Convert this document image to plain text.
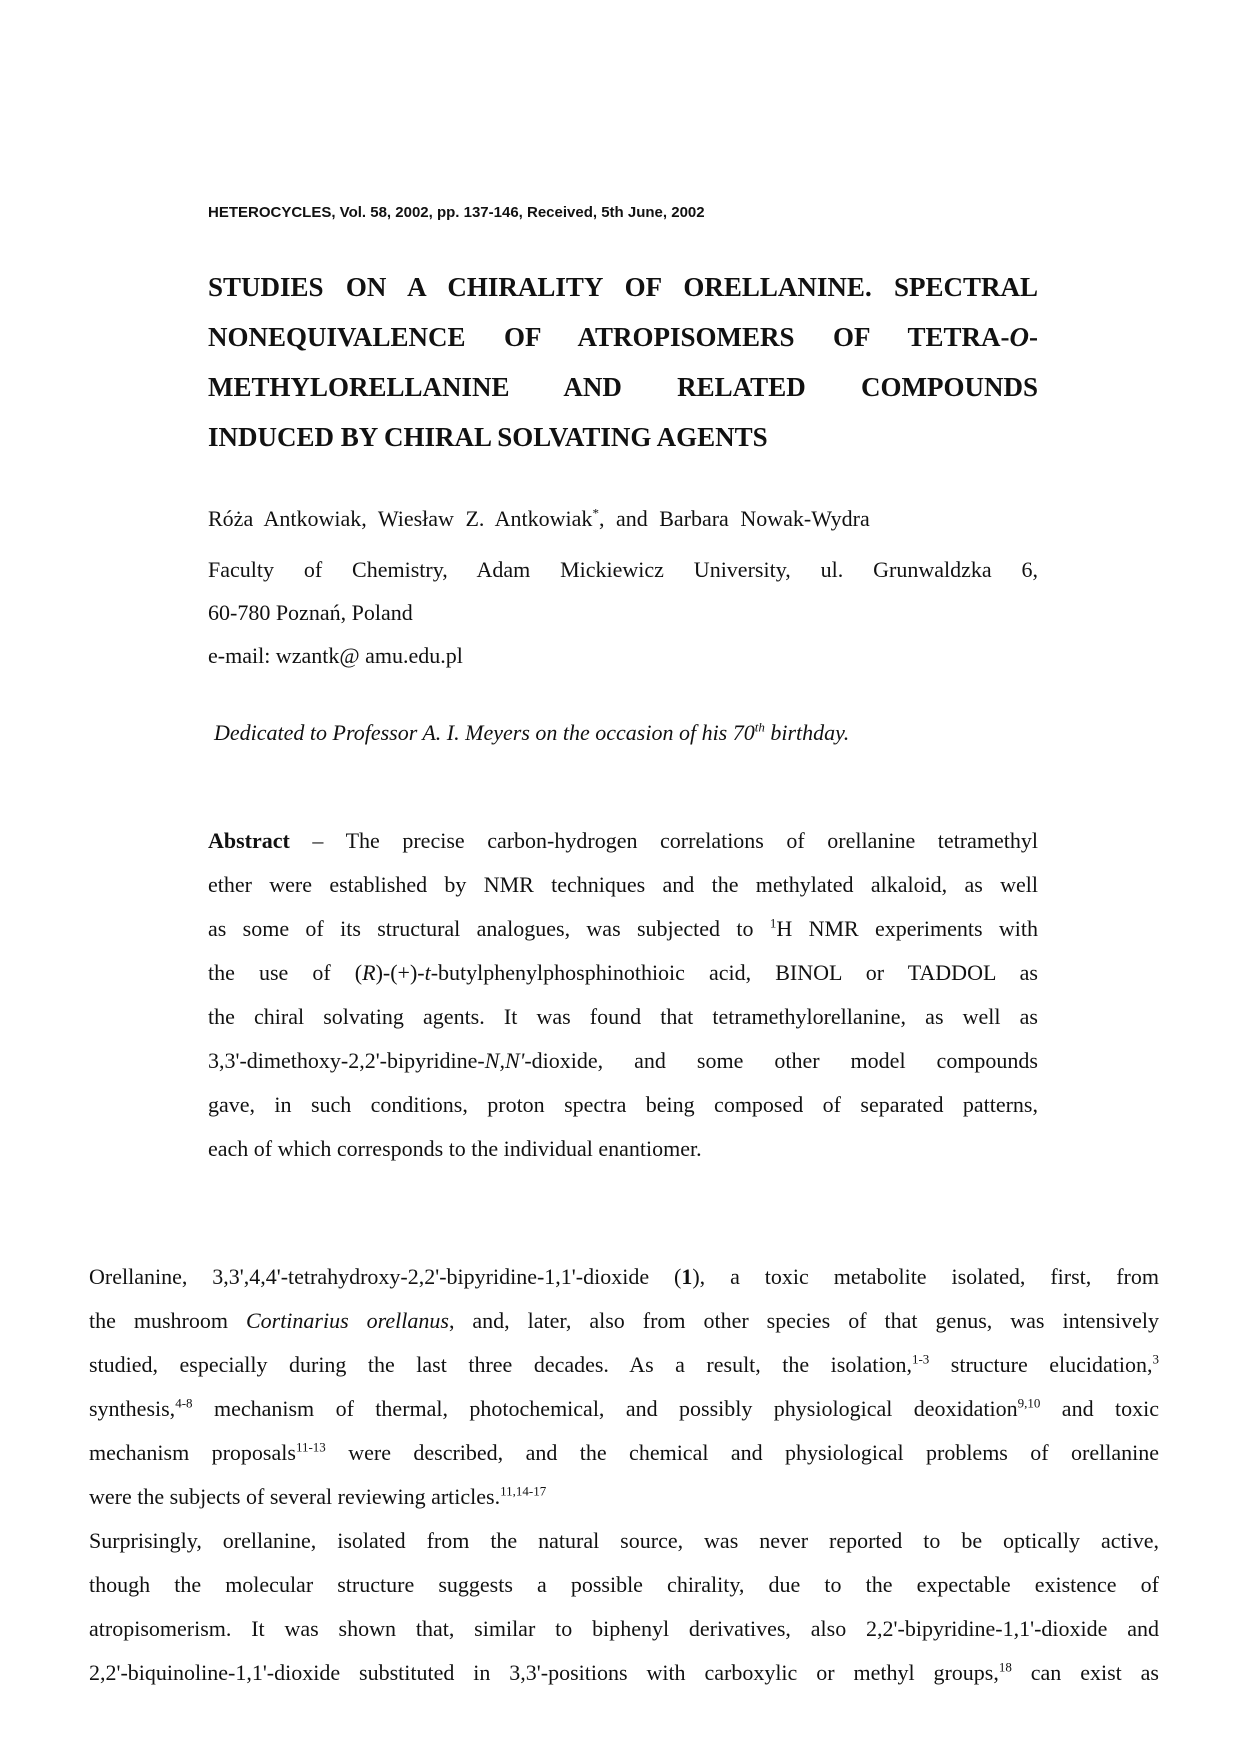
HETEROCYCLES, Vol. 58, 2002, pp. 137-146, Received, 5th June, 2002
STUDIES ON A CHIRALITY OF ORELLANINE. SPECTRAL
NONEQUIVALENCE OF ATROPISOMERS OF TETRA-O-
METHYLORELLANINE AND RELATED COMPOUNDS
INDUCED BY CHIRAL SOLVATING AGENTS
Róża Antkowiak, Wiesław Z. Antkowiak*, and Barbara Nowak-Wydra
Faculty of Chemistry, Adam Mickiewicz University, ul. Grunwaldzka 6,
60-780 Poznań, Poland
e-mail: wzantk@ amu.edu.pl
Dedicated to Professor A. I. Meyers on the occasion of his 70th birthday.
Abstract – The precise carbon-hydrogen correlations of orellanine tetramethyl
ether were established by NMR techniques and the methylated alkaloid, as well
as some of its structural analogues, was subjected to $^1$H NMR experiments with
the use of (R)-(+)-t-butylphenylphosphinothioic acid, BINOL or TADDOL as
the chiral solvating agents. It was found that tetramethylorellanine, as well as
3,3'-dimethoxy-2,2'-bipyridine-N,N'-dioxide, and some other model compounds
gave, in such conditions, proton spectra being composed of separated patterns,
each of which corresponds to the individual enantiomer.
Orellanine, 3,3',4,4'-tetrahydroxy-2,2'-bipyridine-1,1'-dioxide (1), a toxic metabolite isolated, first, from
the mushroom Cortinarius orellanus, and, later, also from other species of that genus, was intensively
studied, especially during the last three decades. As a result, the isolation,$^{1-3}$ structure elucidation,$^3$
synthesis,$^{4-8}$ mechanism of thermal, photochemical, and possibly physiological deoxidation$^{9,10}$ and toxic
mechanism proposals$^{11-13}$ were described, and the chemical and physiological problems of orellanine
were the subjects of several reviewing articles.$^{11,14-17}$
Surprisingly, orellanine, isolated from the natural source, was never reported to be optically active,
though the molecular structure suggests a possible chirality, due to the expectable existence of
atropisomerism. It was shown that, similar to biphenyl derivatives, also 2,2'-bipyridine-1,1'-dioxide and
2,2'-biquinoline-1,1'-dioxide substituted in 3,3'-positions with carboxylic or methyl groups,$^{18}$ can exist as
